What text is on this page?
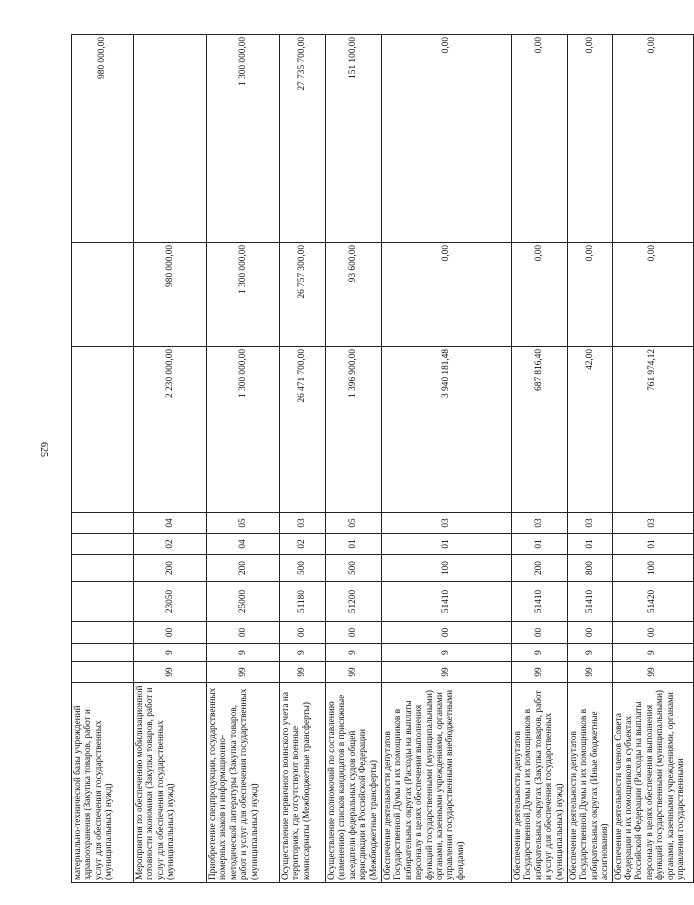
625
материально-технической базы учреждений здравоохранения (Закупка товаров, работ и услуг для обеспечения государственных (муниципальных) нужд)										980 000,00
Мероприятия по обеспечению мобилизационной готовности экономики (Закупка товаров, работ и услуг для обеспечения государственных (муниципальных) нужд)	99	9	00	23050	200	02	04	2 230 000,00	980 000,00	
Приобретение спецпродукции, государственных номерных знаков и информационно-методической литературы (Закупка товаров, работ и услуг для обеспечения государственных (муниципальных) нужд)	99	9	00	25000	200	04	05	1 300 000,00	1 300 000,00	1 300 000,00
Осуществление первичного воинского учета на территориях, где отсутствуют военные комиссариаты (Межбюджетные трансферты)	99	9	00	51180	500	02	03	26 471 700,00	26 757 300,00	27 735 700,00
Осуществление полномочий по составлению (изменению) списков кандидатов в присяжные заседатели федеральных судов общей юрисдикции в Российской Федерации (Межбюджетные трансферты)	99	9	00	51200	500	01	05	1 396 900,00	93 600,00	151 100,00
Обеспечение деятельности депутатов Государственной Думы и их помощников в избирательных округах (Расходы на выплаты персоналу в целях обеспечения выполнения функций государственными (муниципальными) органами, казенными учреждениями, органами управления государственными внебюджетными фондами)	99	9	00	51410	100	01	03	3 940 181,48	0,00	0,00
Обеспечение деятельности депутатов Государственной Думы и их помощников в избирательных округах (Закупка товаров, работ и услуг для обеспечения государственных (муниципальных) нужд)	99	9	00	51410	200	01	03	687 816,40	0,00	0,00
Обеспечение деятельности депутатов Государственной Думы и их помощников в избирательных округах (Иные бюджетные ассигнования)	99	9	00	51410	800	01	03	42,00	0,00	0,00
Обеспечение деятельности членов Совета Федерации и их помощников в субъектах Российской Федерации (Расходы на выплаты персоналу в целях обеспечения выполнения функций государственными (муниципальными) органами, казенными учреждениями, органами управления государственными	99	9	00	51420	100	01	03	761 974,12	0,00	0,00
